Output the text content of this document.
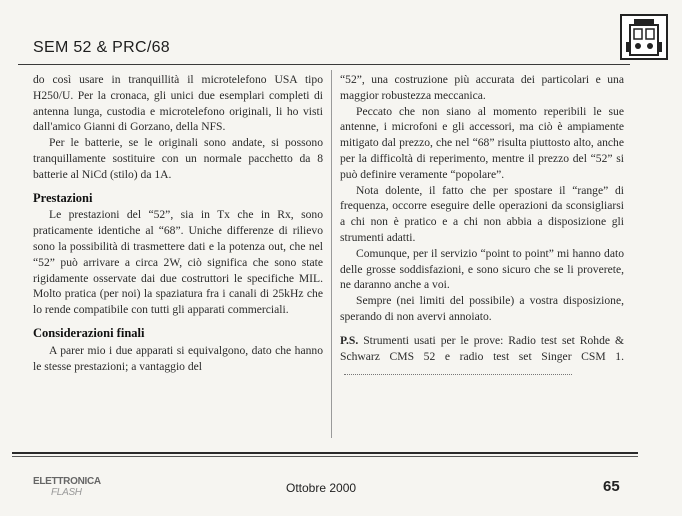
SEM 52 & PRC/68

do così usare in tranquillità il microtelefono USA tipo H250/U. Per la cronaca, gli unici due esemplari completi di antenna lunga, custodia e microtelefono originali, li ho visti dall'amico Gianni di Gorzano, della NFS.

Per le batterie, se le originali sono andate, si possono tranquillamente sostituire con un normale pacchetto da 8 batterie al NiCd (stilo) da 1A.

Prestazioni

Le prestazioni del “52”, sia in Tx che in Rx, sono praticamente identiche al “68”. Uniche differenze di rilievo sono la possibilità di trasmettere dati e la potenza out, che nel “52” può arrivare a circa 2W, ciò significa che sono state rigidamente osservate dai due costruttori le specifiche MIL. Molto pratica (per noi) la spaziatura fra i canali di 25kHz che lo rende compatibile con tutti gli apparati commerciali.

Considerazioni finali

A parer mio i due apparati si equivalgono, dato che hanno le stesse prestazioni; a vantaggio del

“52”, una costruzione più accurata dei particolari e una maggior robustezza meccanica.

Peccato che non siano al momento reperibili le sue antenne, i microfoni e gli accessori, ma ciò è ampiamente mitigato dal prezzo, che nel “68” risulta piuttosto alto, anche per la difficoltà di reperimento, mentre il prezzo del “52” si può definire veramente “popolare”.

Nota dolente, il fatto che per spostare il “range” di frequenza, occorre eseguire delle operazioni da sconsigliarsi a chi non è pratico e a chi non abbia a disposizione gli strumenti adatti.

Comunque, per il servizio “point to point” mi hanno dato delle grosse soddisfazioni, e sono sicuro che se li proverete, ne daranno anche a voi.

Sempre (nei limiti del possibile) a vostra disposizione, sperando di non avervi annoiato.

P.S. Strumenti usati per le prove: Radio test set Rohde & Schwarz CMS 52 e radio test set Singer CSM 1.

ELETTRONICA
FLASH	Ottobre 2000	65
